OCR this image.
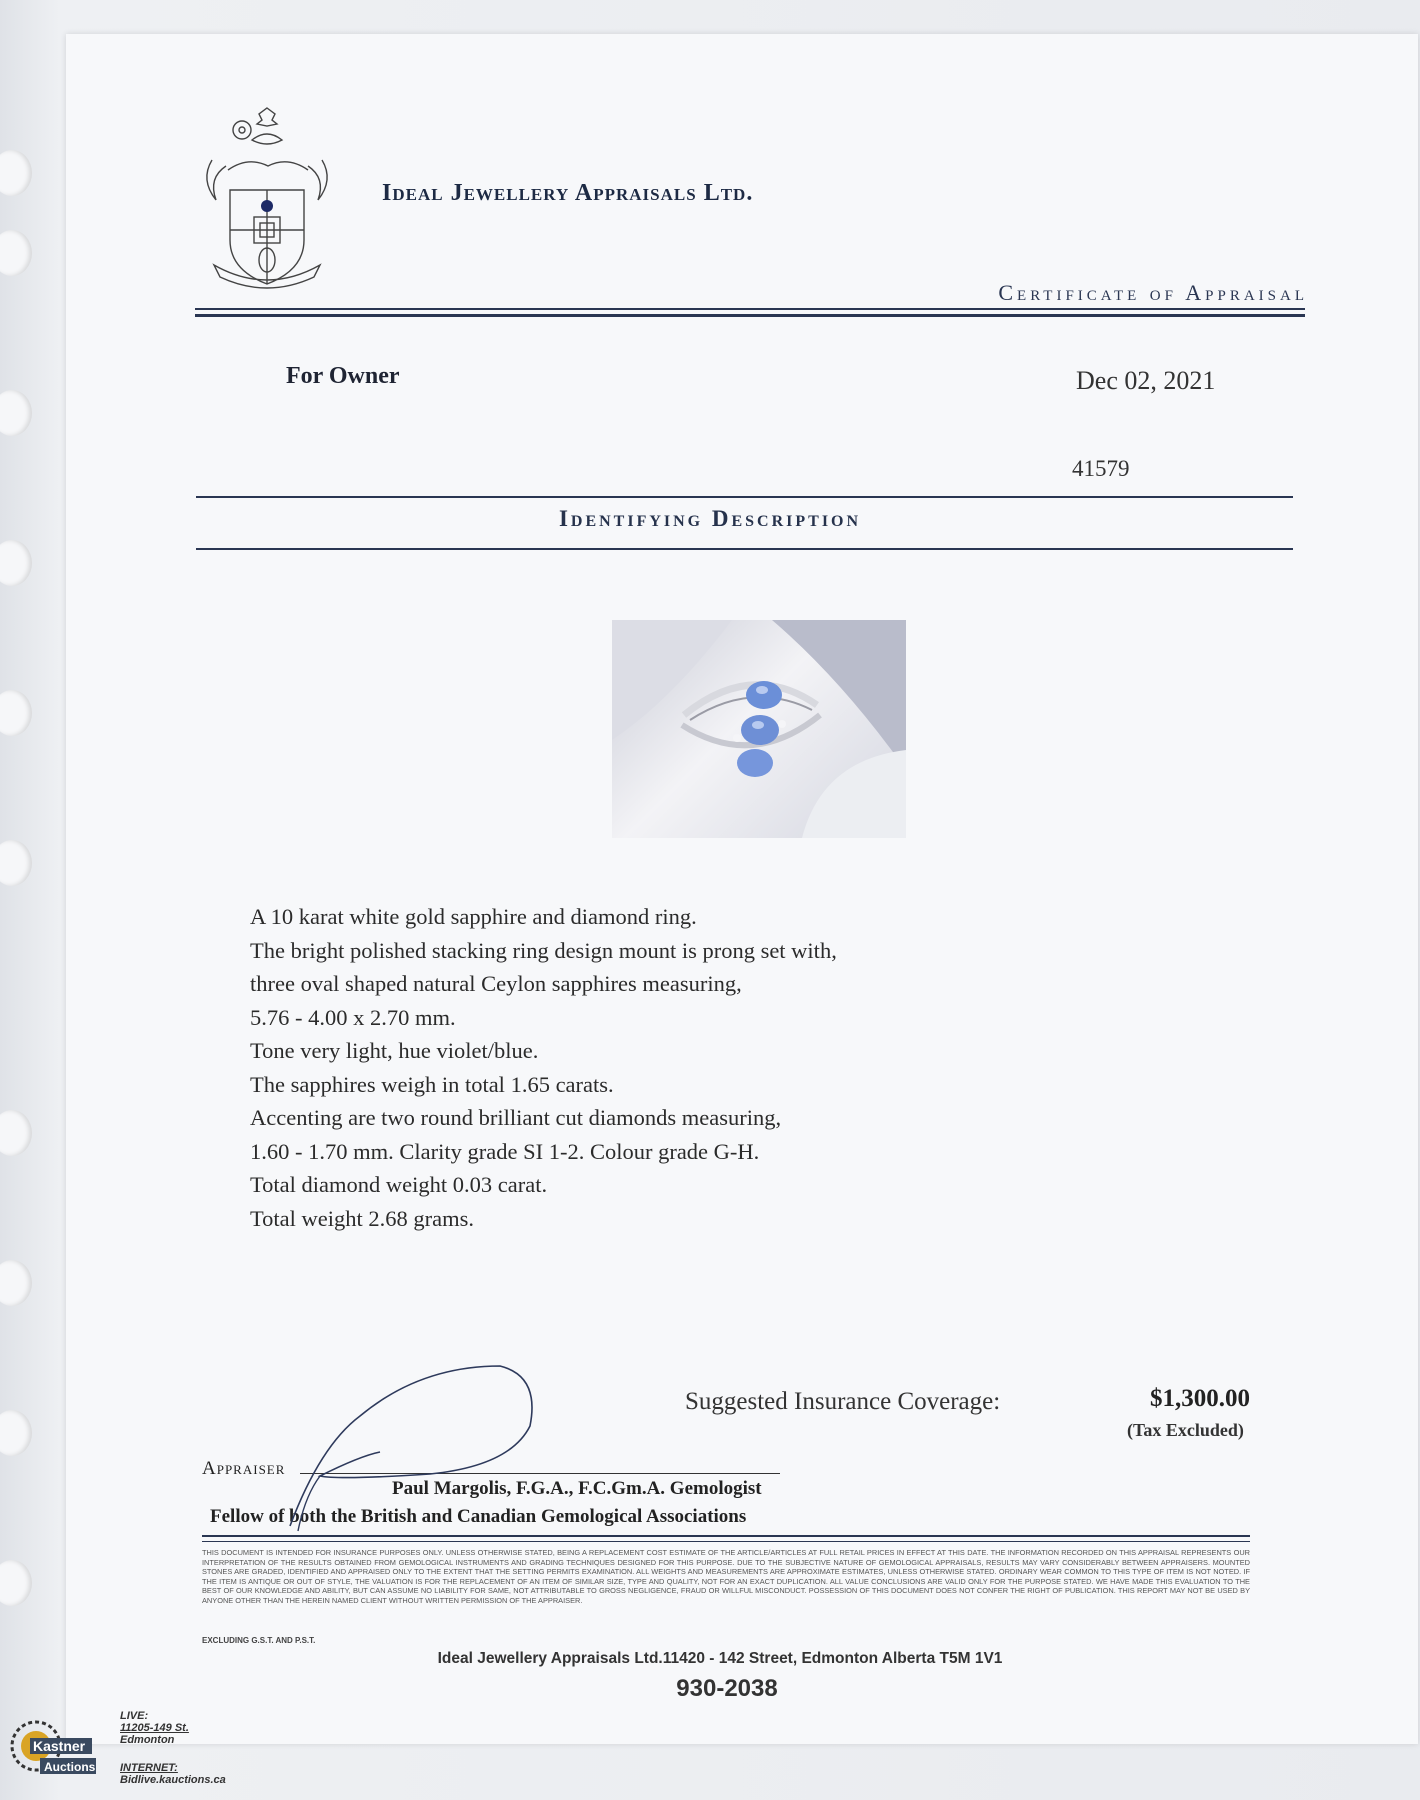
Ideal Jewellery Appraisals Ltd.
Certificate of Appraisal
For Owner	Dec 02, 2021
41579
Identifying Description
A 10 karat white gold sapphire and diamond ring.
The bright polished stacking ring design mount is prong set with,
three oval shaped natural Ceylon sapphires measuring,
5.76 - 4.00 x 2.70 mm.
Tone very light, hue violet/blue.
The sapphires weigh in total 1.65 carats.
Accenting are two round brilliant cut diamonds measuring,
1.60 - 1.70 mm. Clarity grade SI 1-2. Colour grade G-H.
Total diamond weight 0.03 carat.
Total weight 2.68 grams.
Suggested Insurance Coverage:	$1,300.00
(Tax Excluded)
Appraiser
Paul Margolis, F.G.A., F.C.Gm.A. Gemologist
Fellow of both the British and Canadian Gemological Associations
THIS DOCUMENT IS INTENDED FOR INSURANCE PURPOSES ONLY. UNLESS OTHERWISE STATED, BEING A REPLACEMENT COST ESTIMATE OF THE ARTICLE/ARTICLES AT FULL RETAIL PRICES IN EFFECT AT THIS DATE. THE INFORMATION RECORDED ON THIS APPRAISAL REPRESENTS OUR INTERPRETATION OF THE RESULTS OBTAINED FROM GEMOLOGICAL INSTRUMENTS AND GRADING TECHNIQUES DESIGNED FOR THIS PURPOSE. DUE TO THE SUBJECTIVE NATURE OF GEMOLOGICAL APPRAISALS, RESULTS MAY VARY CONSIDERABLY BETWEEN APPRAISERS. MOUNTED STONES ARE GRADED, IDENTIFIED AND APPRAISED ONLY TO THE EXTENT THAT THE SETTING PERMITS EXAMINATION. ALL WEIGHTS AND MEASUREMENTS ARE APPROXIMATE ESTIMATES, UNLESS OTHERWISE STATED. ORDINARY WEAR COMMON TO THIS TYPE OF ITEM IS NOT NOTED. IF THE ITEM IS ANTIQUE OR OUT OF STYLE, THE VALUATION IS FOR THE REPLACEMENT OF AN ITEM OF SIMILAR SIZE, TYPE AND QUALITY, NOT FOR AN EXACT DUPLICATION. ALL VALUE CONCLUSIONS ARE VALID ONLY FOR THE PURPOSE STATED. WE HAVE MADE THIS EVALUATION TO THE BEST OF OUR KNOWLEDGE AND ABILITY, BUT CAN ASSUME NO LIABILITY FOR SAME, NOT ATTRIBUTABLE TO GROSS NEGLIGENCE, FRAUD OR WILLFUL MISCONDUCT. POSSESSION OF THIS DOCUMENT DOES NOT CONFER THE RIGHT OF PUBLICATION. THIS REPORT MAY NOT BE USED BY ANYONE OTHER THAN THE HEREIN NAMED CLIENT WITHOUT WRITTEN PERMISSION OF THE APPRAISER.
EXCLUDING G.S.T. AND P.S.T.
Ideal Jewellery Appraisals Ltd.11420 - 142 Street, Edmonton Alberta T5M 1V1
930-2038
Kastner
Auctions
LIVE:
11205-149 St.
Edmonton
INTERNET:
Bidlive.kauctions.ca
